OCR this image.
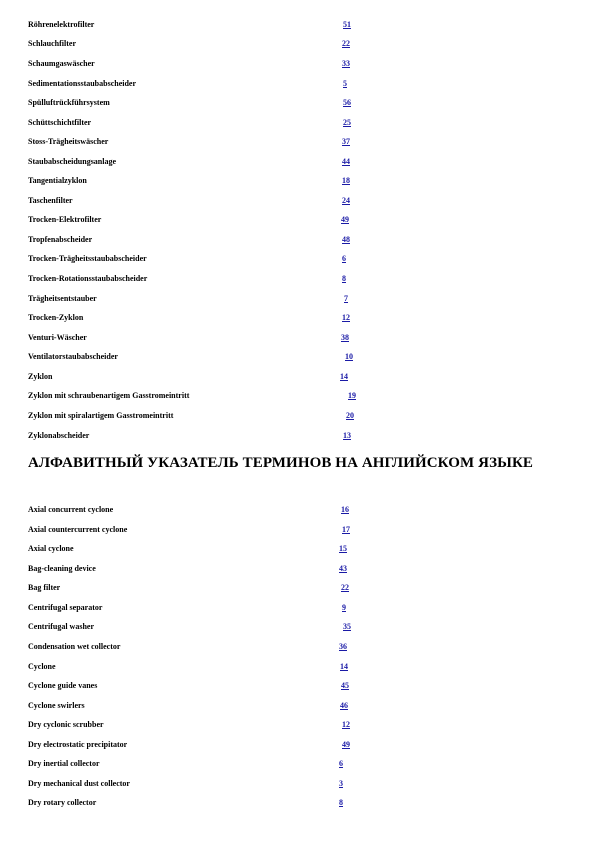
Röhrenelektrofilter	51
Schlauchfilter	22
Schaumgaswäscher	33
Sedimentationsstaubabscheider	5
Spülluftrückführsystem	56
Schüttschichtfilter	25
Stoss-Trägheitswäscher	37
Staubabscheidungsanlage	44
Tangentialzyklon	18
Taschenfilter	24
Trocken-Elektrofilter	49
Tropfenabscheider	48
Trocken-Trägheitsstaubabscheider	6
Trocken-Rotationsstaubabscheider	8
Trägheitsentstauber	7
Trocken-Zyklon	12
Venturi-Wäscher	38
Ventilatorstaubabscheider	10
Zyklon	14
Zyklon mit schraubenartigem Gasstromeintritt	19
Zyklon mit spiralartigem Gasstromeintritt	20
Zyklonabscheider	13
АЛФАВИТНЫЙ УКАЗАТЕЛЬ ТЕРМИНОВ НА АНГЛИЙСКОМ ЯЗЫКЕ
Axial concurrent cyclone	16
Axial countercurrent cyclone	17
Axial cyclone	15
Bag-cleaning device	43
Bag filter	22
Centrifugal separator	9
Centrifugal washer	35
Condensation wet collector	36
Cyclone	14
Cyclone guide vanes	45
Cyclone swirlers	46
Dry cyclonic scrubber	12
Dry electrostatic precipitator	49
Dry inertial collector	6
Dry mechanical dust collector	3
Dry rotary collector	8
